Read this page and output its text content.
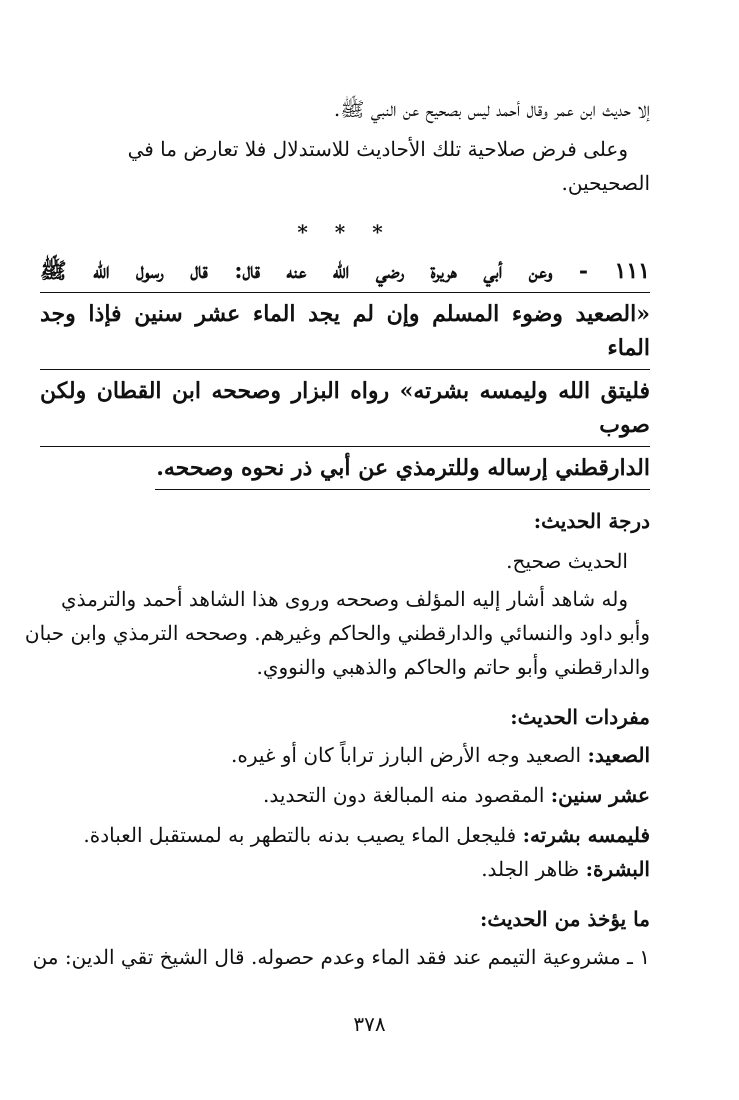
إلا حديث ابن عمر وقال أحمد ليس بصحيح عن النبي ﷺ.

وعلى فرض صلاحية تلك الأحاديث للاستدلال فلا تعارض ما في

الصحيحين.

* * *
١١١ - وعن أبي هريرة رضي الله عنه قال: قال رسول الله ﷺ
«الصعيد وضوء المسلم وإن لم يجد الماء عشر سنين فإذا وجد الماء
فليتق الله وليمسه بشرته» رواه البزار وصححه ابن القطان ولكن صوب
الدارقطني إرساله وللترمذي عن أبي ذر نحوه وصححه.
درجة الحديث:

الحديث صحيح.

وله شاهد أشار إليه المؤلف وصححه وروى هذا الشاهد أحمد والترمذي

وأبو داود والنسائي والدارقطني والحاكم وغيرهم. وصححه الترمذي وابن حبان

والدارقطني وأبو حاتم والحاكم والذهبي والنووي.

مفردات الحديث:

الصعيد: الصعيد وجه الأرض البارز تراباً كان أو غيره.

عشر سنين: المقصود منه المبالغة دون التحديد.

فليمسه بشرته: فليجعل الماء يصيب بدنه بالتطهر به لمستقبل العبادة.

البشرة: ظاهر الجلد.

ما يؤخذ من الحديث:

١ ـ مشروعية التيمم عند فقد الماء وعدم حصوله. قال الشيخ تقي الدين: من

٣٧٨
